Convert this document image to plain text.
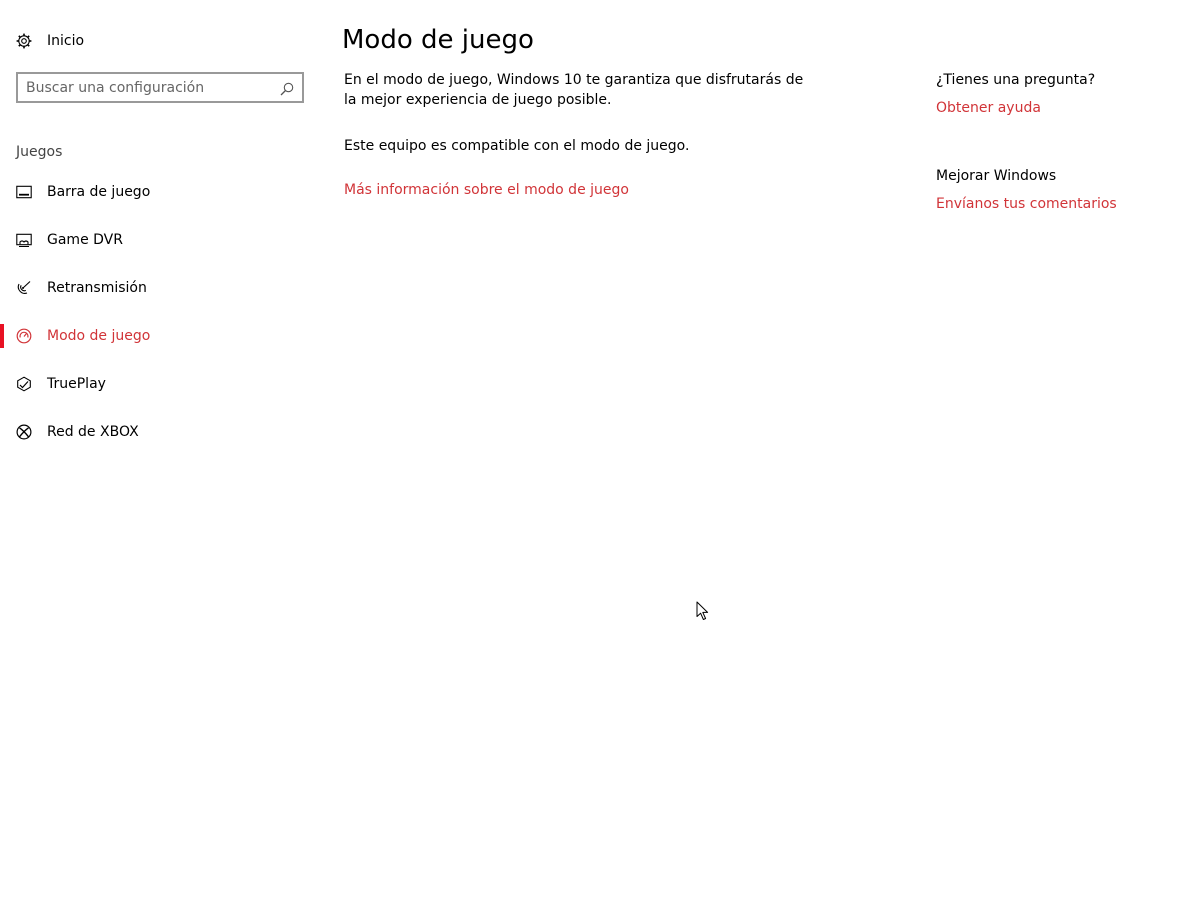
Inicio
Buscar una configuración
Juegos
Barra de juego
Game DVR
Retransmisión
Modo de juego
TruePlay
Red de XBOX
Modo de juego

En el modo de juego, Windows 10 te garantiza que disfrutarás de la mejor experiencia de juego posible.

Este equipo es compatible con el modo de juego.

Más información sobre el modo de juego
¿Tienes una pregunta?
Obtener ayuda
Mejorar Windows
Envíanos tus comentarios
